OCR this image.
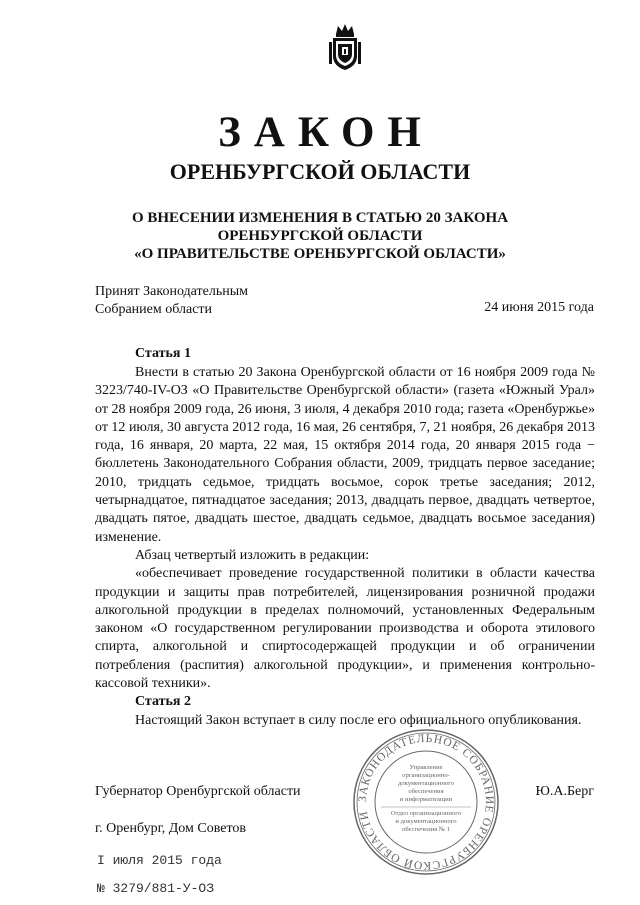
ЗАКОН
ОРЕНБУРГСКОЙ ОБЛАСТИ
О ВНЕСЕНИИ ИЗМЕНЕНИЯ В СТАТЬЮ 20 ЗАКОНА
ОРЕНБУРГСКОЙ ОБЛАСТИ
«О ПРАВИТЕЛЬСТВЕ ОРЕНБУРГСКОЙ ОБЛАСТИ»
Принят Законодательным
Собранием области	24 июня 2015 года
Статья 1

Внести в статью 20 Закона Оренбургской области от 16 ноября 2009 года № 3223/740-IV-ОЗ «О Правительстве Оренбургской области» (газета «Южный Урал» от 28 ноября 2009 года, 26 июня, 3 июля, 4 декабря 2010 года; газета «Оренбуржье» от 12 июля, 30 августа 2012 года, 16 мая, 26 сентября, 7, 21 ноября, 26 декабря 2013 года, 16 января, 20 марта, 22 мая, 15 октября 2014 года, 20 января 2015 года − бюллетень Законодательного Собрания области, 2009, тридцать первое заседание; 2010, тридцать седьмое, тридцать восьмое, сорок третье заседания; 2012, четырнадцатое, пятнадцатое заседания; 2013, двадцать первое, двадцать четвертое, двадцать пятое, двадцать шестое, двадцать седьмое, двадцать восьмое заседания) изменение.

Абзац четвертый изложить в редакции:

«обеспечивает проведение государственной политики в области качества продукции и защиты прав потребителей, лицензирования розничной продажи алкогольной продукции в пределах полномочий, установленных Федеральным законом «О государственном регулировании производства и оборота этилового спирта, алкогольной и спиртосодержащей продукции и об ограничении потребления (распития) алкогольной продукции», и применения контрольно-кассовой техники».

Статья 2

Настоящий Закон вступает в силу после его официального опубликования.

Губернатор Оренбургской области	Ю.А.Берг
г. Оренбург, Дом Советов
I июля 2015 года
№ 3279/881-У-ОЗ
ЗАКОНОДАТЕЛЬНОЕ СОБРАНИЕ ОРЕНБУРГСКОЙ ОБЛАСТИ
Управление
организационно-
документационного
обеспечения
и информатизации
Отдел организационного
и документационного
обеспечения № 1
